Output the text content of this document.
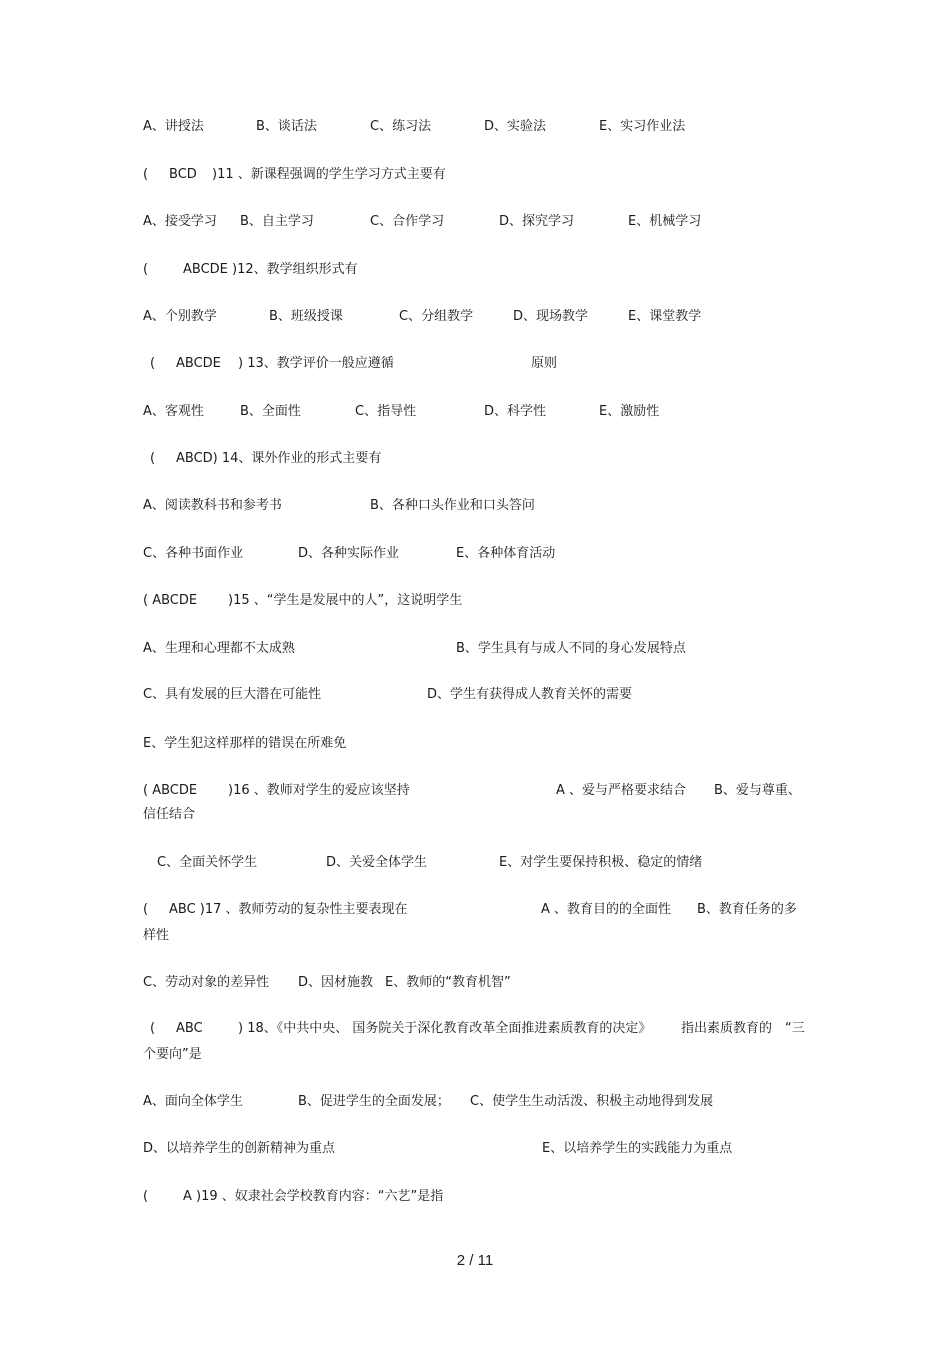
A、讲授法	B、谈话法	C、练习法	D、实验法	E、实习作业法
( BCD )11 、新课程强调的学生学习方式主要有
A、接受学习 B、自主学习	C、合作学习	D、探究学习	E、机械学习
(	ABCDE )12、教学组织形式有
A、个别教学	B、班级授课	C、分组教学	D、现场教学	E、课堂教学
( ABCDE ) 13、教学评价一般应遵循	原则
A、客观性	B、全面性	C、指导性	D、科学性	E、激励性
( ABCD) 14、课外作业的形式主要有
A、阅读教科书和参考书	B、各种口头作业和口头答问
C、各种书面作业	D、各种实际作业	E、各种体育活动
( ABCDE )15 、“学生是发展中的人”，这说明学生
A、生理和心理都不太成熟	B、学生具有与成人不同的身心发展特点
C、具有发展的巨大潜在可能性	D、学生有获得成人教育关怀的需要
E、学生犯这样那样的错误在所难免
( ABCDE )16 、教师对学生的爱应该坚持	A 、爱与严格要求结合 B、爱与尊重、
信任结合
C、全面关怀学生	D、关爱全体学生	E、对学生要保持积极、稳定的情绪
( ABC )17 、教师劳动的复杂性主要表现在	A 、教育目的的全面性 B、教育任务的多
样性
C、劳动对象的差异性 D、因材施教 E、教师的“教育机智”
( ABC	) 18、《中共中央、 国务院关于深化教育改革全面推进素质教育的决定》 指出素质教育的 “三
个要向”是
A、面向全体学生	B、促进学生的全面发展； C、使学生生动活泼、积极主动地得到发展
D、以培养学生的创新精神为重点	E、以培养学生的实践能力为重点
(	A )19 、奴隶社会学校教育内容：“六艺”是指
2 / 11
